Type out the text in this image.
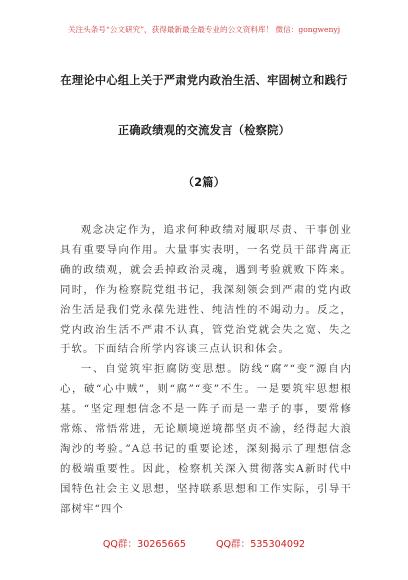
关注头条号“公文研究”，获得最新最全最专业的公文资料库！ 微信：gongwenyj
在理论中心组上关于严肃党内政治生活、牢固树立和践行
正确政绩观的交流发言（检察院）
（2篇）

观念决定作为，追求何种政绩对履职尽责、干事创业具有重要导向作用。大量事实表明，一名党员干部背离正确的政绩观，就会丢掉政治灵魂，遇到考验就败下阵来。同时，作为检察院党组书记，我深刻领会到严肃的党内政治生活是我们党永葆先进性、纯洁性的不竭动力。反之，党内政治生活不严肃不认真，管党治党就会失之宽、失之于软。下面结合所学内容谈三点认识和体会。

一、自觉筑牢拒腐防变思想。防线“腐”“变”源自内心，破“心中贼”，则“腐”“变”不生。一是要筑牢思想根基。“坚定理想信念不是一阵子而是一辈子的事，要常修常炼、常悟常进，无论顺境逆境都坚贞不渝，经得起大浪淘沙的考验。”A总书记的重要论述，深刻揭示了理想信念的极端重要性。因此，检察机关深入贯彻落实A新时代中国特色社会主义思想，坚持联系思想和工作实际，引导干部树牢“四个

QQ群：30265665	QQ群：535304092
